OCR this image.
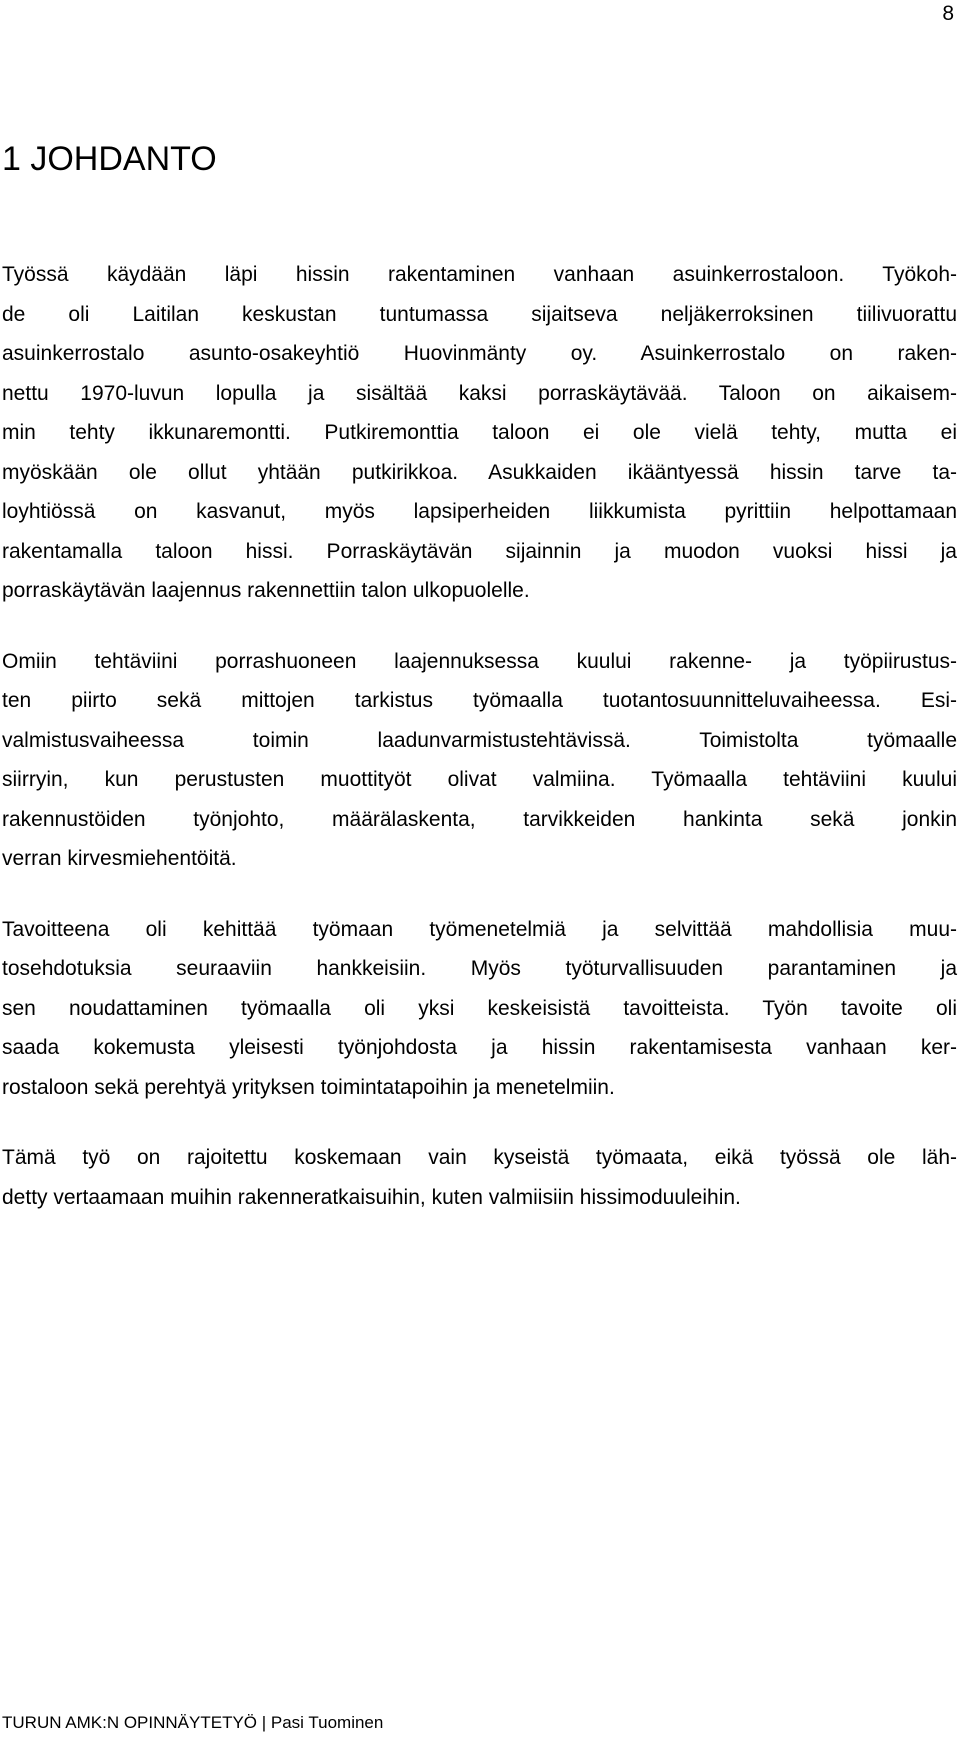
8
1 JOHDANTO

Työssä käydään läpi hissin rakentaminen vanhaan asuinkerrostaloon. Työkoh-
de oli Laitilan keskustan tuntumassa sijaitseva neljäkerroksinen tiilivuorattu
asuinkerrostalo asunto-osakeyhtiö Huovinmänty oy. Asuinkerrostalo on raken-
nettu 1970-luvun lopulla ja sisältää kaksi porraskäytävää. Taloon on aikaisem-
min tehty ikkunaremontti. Putkiremonttia taloon ei ole vielä tehty, mutta ei
myöskään ole ollut yhtään putkirikkoa. Asukkaiden ikääntyessä hissin tarve ta-
loyhtiössä on kasvanut, myös lapsiperheiden liikkumista pyrittiin helpottamaan
rakentamalla taloon hissi. Porraskäytävän sijainnin ja muodon vuoksi hissi ja
porraskäytävän laajennus rakennettiin talon ulkopuolelle.

Omiin tehtäviini porrashuoneen laajennuksessa kuului rakenne- ja työpiirustus-
ten piirto sekä mittojen tarkistus työmaalla tuotantosuunnitteluvaiheessa. Esi-
valmistusvaiheessa toimin laadunvarmistustehtävissä. Toimistolta työmaalle
siirryin, kun perustusten muottityöt olivat valmiina. Työmaalla tehtäviini kuului
rakennustöiden työnjohto, määrälaskenta, tarvikkeiden hankinta sekä jonkin
verran kirvesmiehentöitä.

Tavoitteena oli kehittää työmaan työmenetelmiä ja selvittää mahdollisia muu-
tosehdotuksia seuraaviin hankkeisiin. Myös työturvallisuuden parantaminen ja
sen noudattaminen työmaalla oli yksi keskeisistä tavoitteista. Työn tavoite oli
saada kokemusta yleisesti työnjohdosta ja hissin rakentamisesta vanhaan ker-
rostaloon sekä perehtyä yrityksen toimintatapoihin ja menetelmiin.

Tämä työ on rajoitettu koskemaan vain kyseistä työmaata, eikä työssä ole läh-
detty vertaamaan muihin rakenneratkaisuihin, kuten valmiisiin hissimoduuleihin.

TURUN AMK:N OPINNÄYTETYÖ | Pasi Tuominen
